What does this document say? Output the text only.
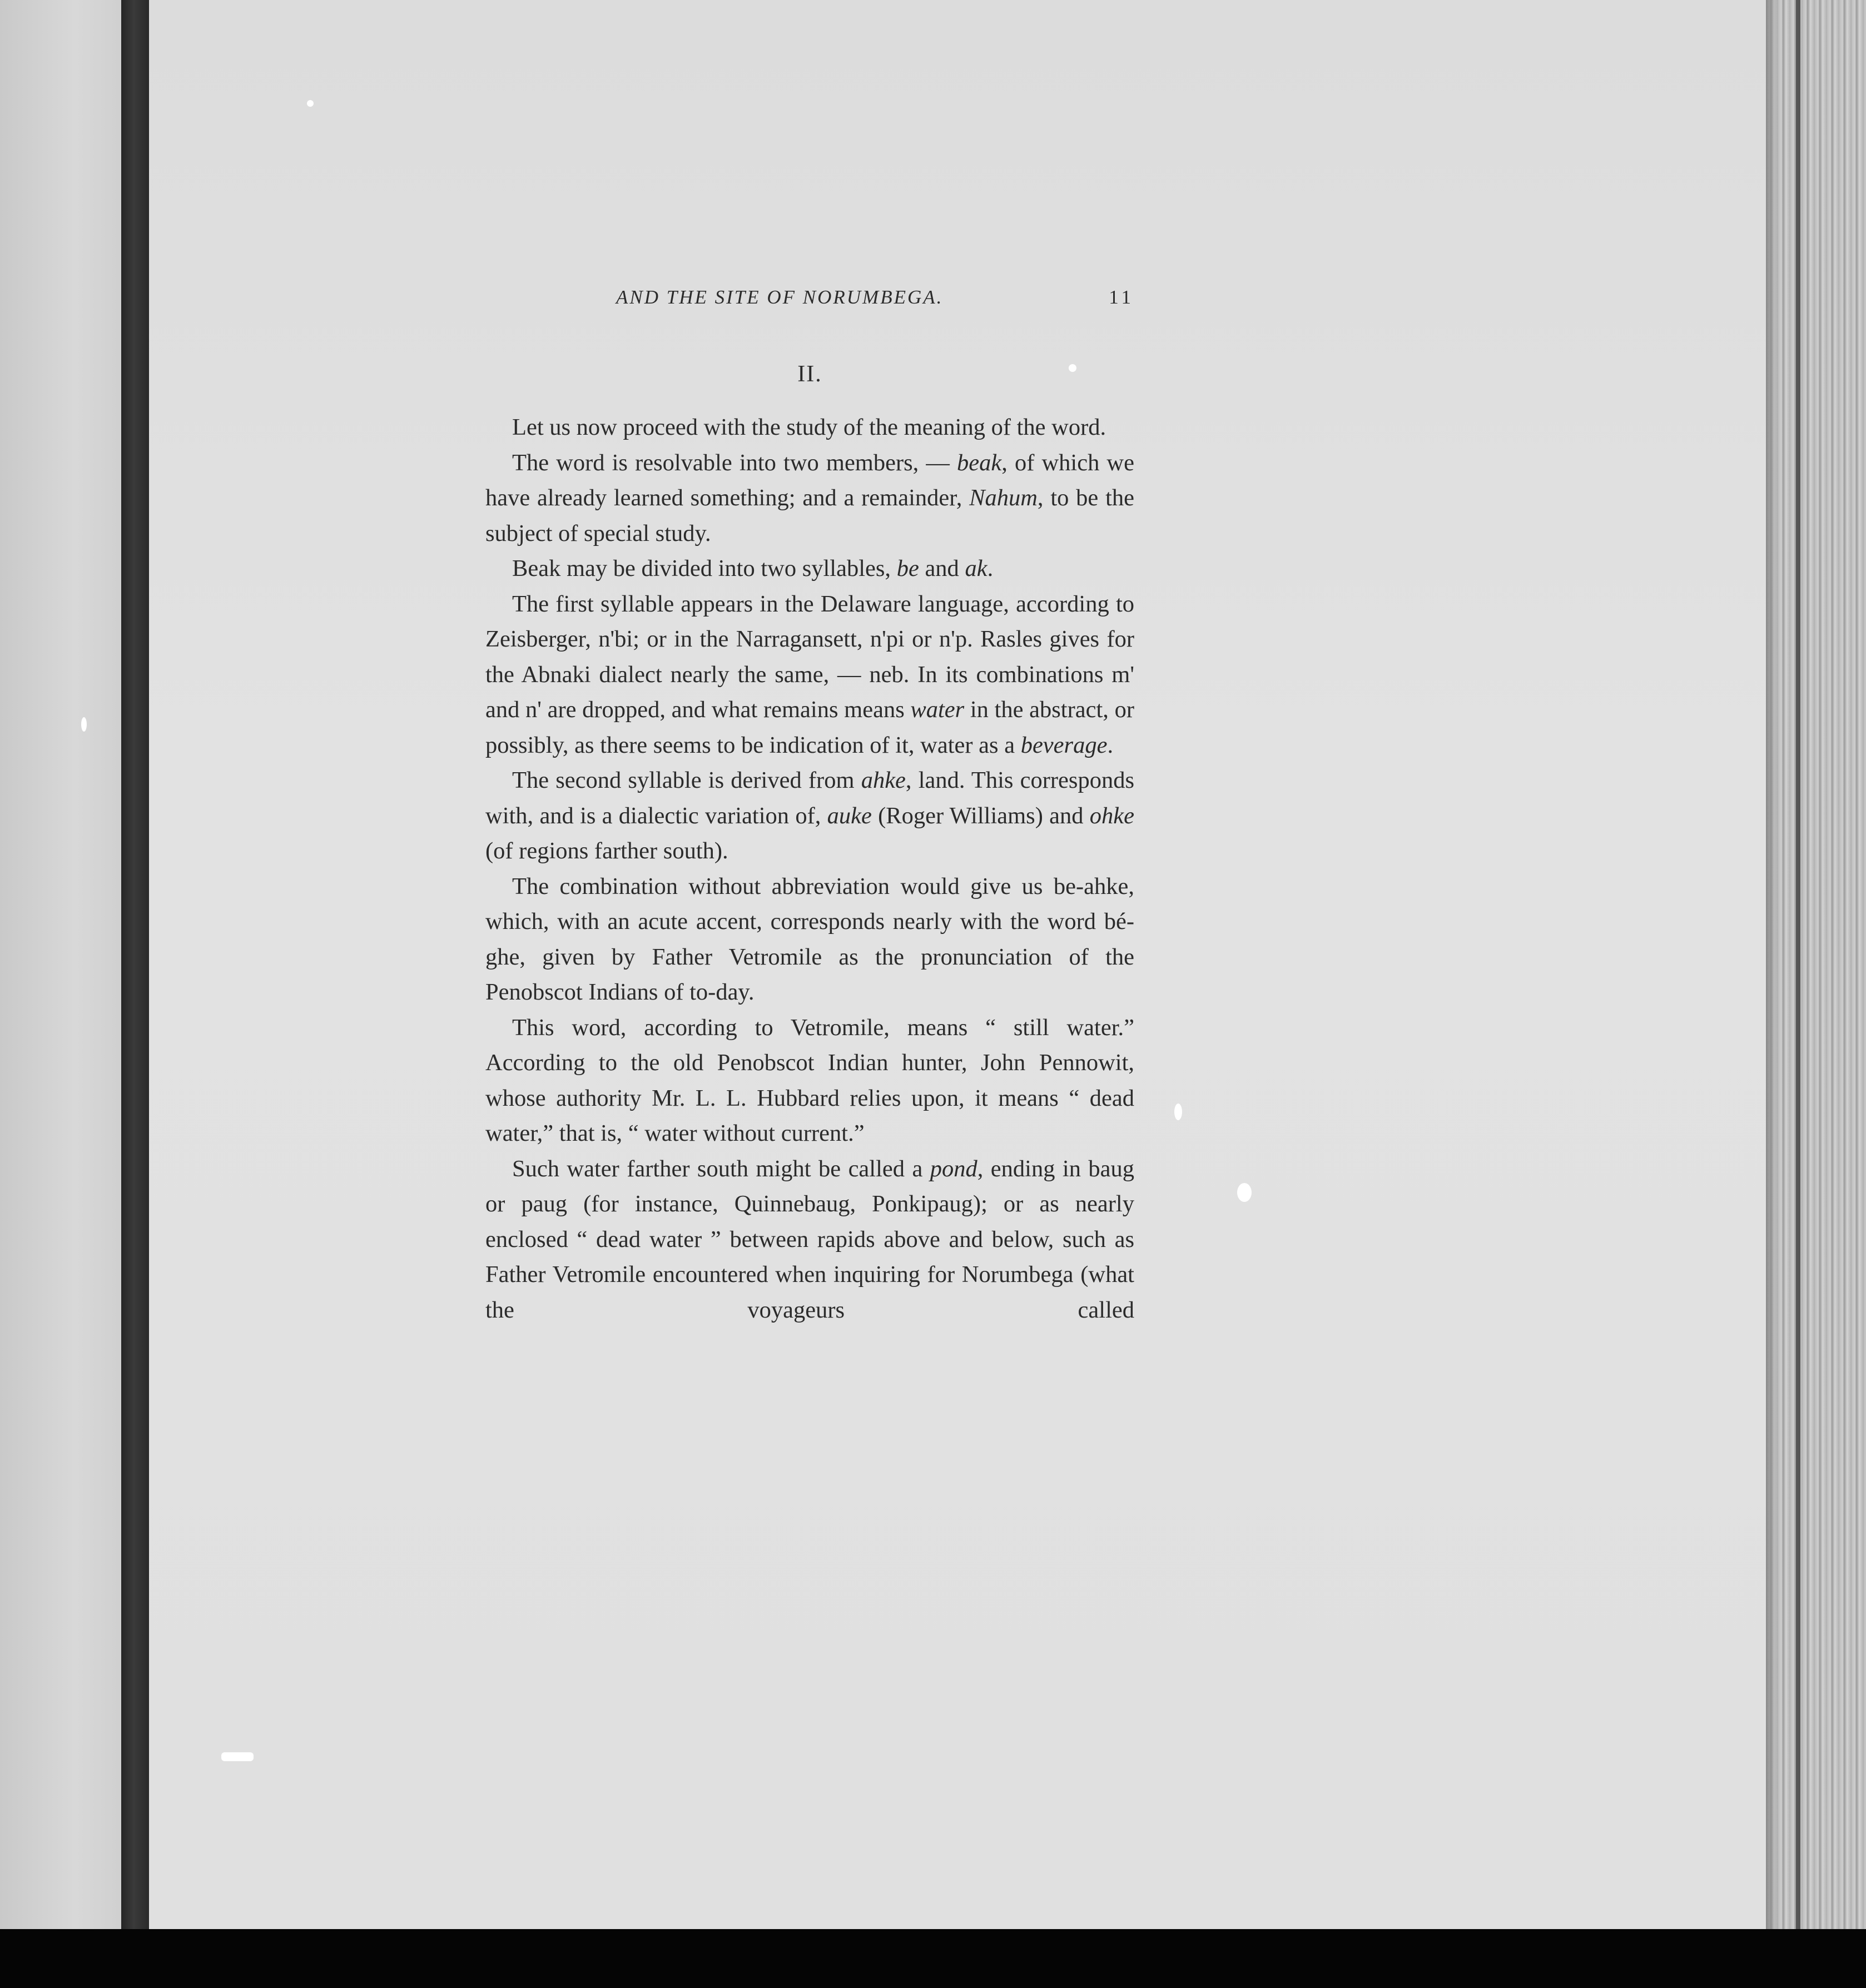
AND THE SITE OF NORUMBEGA.	11
II.

Let us now proceed with the study of the meaning of the word.

The word is resolvable into two members, — beak, of which we have already learned something; and a remainder, Nahum, to be the subject of special study.

Beak may be divided into two syllables, be and ak.

The first syllable appears in the Delaware language, according to Zeisberger, n'bi; or in the Narragansett, n'pi or n'p. Rasles gives for the Abnaki dialect nearly the same, — neb. In its combinations m' and n' are dropped, and what remains means water in the abstract, or possibly, as there seems to be indication of it, water as a beverage.

The second syllable is derived from ahke, land. This corresponds with, and is a dialectic variation of, auke (Roger Williams) and ohke (of regions farther south).

The combination without abbreviation would give us be-ahke, which, with an acute accent, corresponds nearly with the word bé-ghe, given by Father Vetromile as the pronunciation of the Penobscot Indians of to-day.

This word, according to Vetromile, means “ still water.” According to the old Penobscot Indian hunter, John Pennowit, whose authority Mr. L. L. Hubbard relies upon, it means “ dead water,” that is, “ water without current.”

Such water farther south might be called a pond, ending in baug or paug (for instance, Quinnebaug, Ponkipaug); or as nearly enclosed “ dead water ” between rapids above and below, such as Father Vetromile encountered when inquiring for Norumbega (what the voyageurs called
